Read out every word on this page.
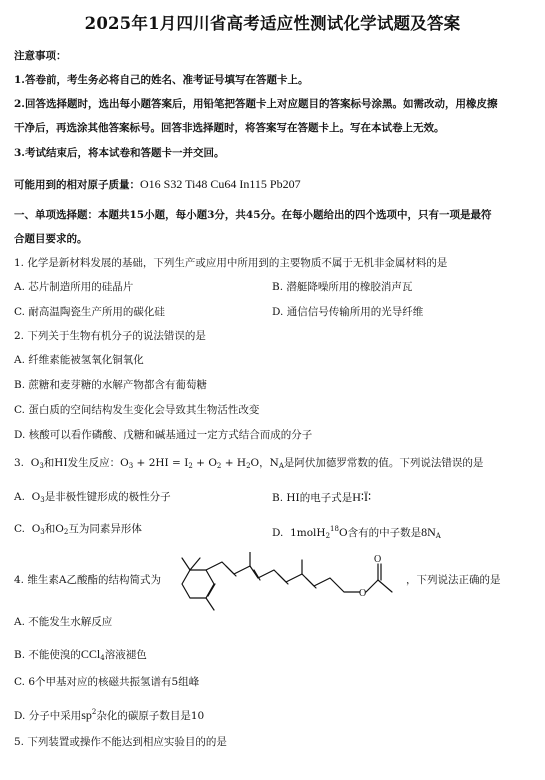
2025年1月四川省高考适应性测试化学试题及答案
注意事项：
1.答卷前，考生务必将自己的姓名、准考证号填写在答题卡上。
2.回答选择题时，选出每小题答案后，用铅笔把答题卡上对应题目的答案标号涂黑。如需改动，用橡皮擦
干净后，再选涂其他答案标号。回答非选择题时，将答案写在答题卡上。写在本试卷上无效。
3.考试结束后，将本试卷和答题卡一并交回。
可能用到的相对原子质量：O16 S32 Ti48 Cu64 In115 Pb207
一、单项选择题：本题共15小题，每小题3分，共45分。在每小题给出的四个选项中，只有一项是最符
合题目要求的。
1. 化学是新材料发展的基础，下列生产或应用中所用到的主要物质不属于无机非金属材料的是
A. 芯片制造所用的硅晶片	B. 潜艇降噪所用的橡胶消声瓦
C. 耐高温陶瓷生产所用的碳化硅	D. 通信信号传输所用的光导纤维
2. 下列关于生物有机分子的说法错误的是
A. 纤维素能被氢氧化铜氧化
B. 蔗糖和麦芽糖的水解产物都含有葡萄糖
C. 蛋白质的空间结构发生变化会导致其生物活性改变
D. 核酸可以看作磷酸、戊糖和碱基通过一定方式结合而成的分子
3. $O_3$和HI发生反应：$O_3 + 2HI = I_2 + O_2 + H_2O$，$N_A$是阿伏加德罗常数的值。下列说法错误的是
A. $O_3$是非极性键形成的极性分子	B. HI的电子式是H∶Ï∶
C. $O_3$和$O_2$互为同素异形体	D. 1molH$_2^{18}$O含有的中子数是$8N_A$
4. 维生素A乙酸酯的结构简式为
O
O
，下列说法正确的是
A. 不能发生水解反应
B. 不能使溴的CCl$_4$溶液褪色
C. 6个甲基对应的核磁共振氢谱有5组峰
D. 分子中采用$sp^2$杂化的碳原子数目是10
5. 下列装置或操作不能达到相应实验目的的是
